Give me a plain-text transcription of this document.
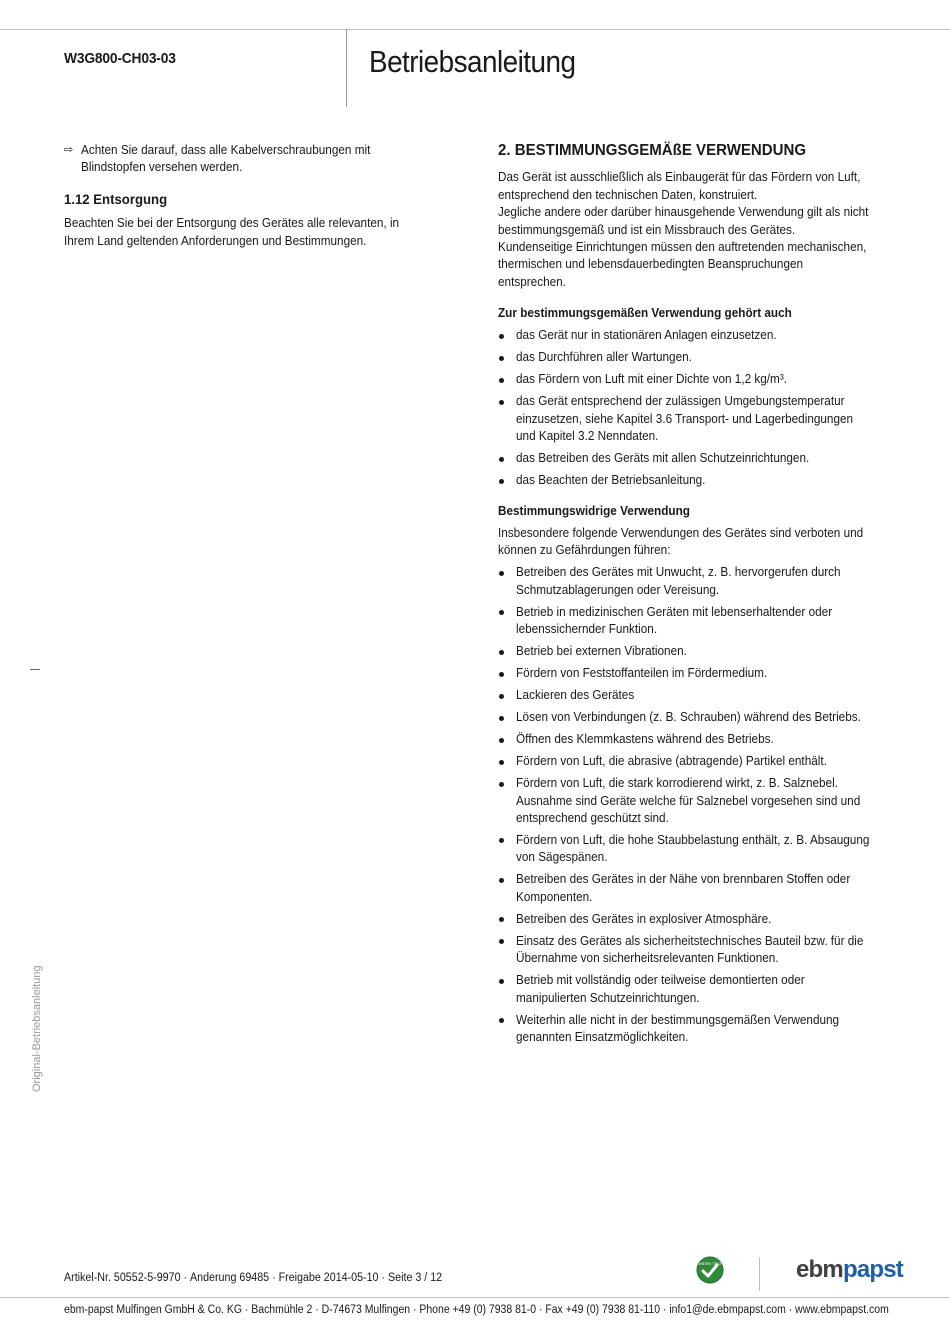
W3G800-CH03-03	Betriebsanleitung
⇨ Achten Sie darauf, dass alle Kabelverschraubungen mit Blindstopfen versehen werden.

1.12 Entsorgung

Beachten Sie bei der Entsorgung des Gerätes alle relevanten, in Ihrem Land geltenden Anforderungen und Bestimmungen.

2. BESTIMMUNGSGEMÄßE VERWENDUNG

Das Gerät ist ausschließlich als Einbaugerät für das Fördern von Luft, entsprechend den technischen Daten, konstruiert.

Jegliche andere oder darüber hinausgehende Verwendung gilt als nicht bestimmungsgemäß und ist ein Missbrauch des Gerätes.

Kundenseitige Einrichtungen müssen den auftretenden mechanischen, thermischen und lebensdauerbedingten Beanspruchungen entsprechen.

Zur bestimmungsgemäßen Verwendung gehört auch

das Gerät nur in stationären Anlagen einzusetzen.
das Durchführen aller Wartungen.
das Fördern von Luft mit einer Dichte von 1,2 kg/m³.
das Gerät entsprechend der zulässigen Umgebungstemperatur einzusetzen, siehe Kapitel 3.6 Transport- und Lagerbedingungen und Kapitel 3.2 Nenndaten.
das Betreiben des Geräts mit allen Schutzeinrichtungen.
das Beachten der Betriebsanleitung.

Bestimmungswidrige Verwendung

Insbesondere folgende Verwendungen des Gerätes sind verboten und können zu Gefährdungen führen:

Betreiben des Gerätes mit Unwucht, z. B. hervorgerufen durch Schmutzablagerungen oder Vereisung.
Betrieb in medizinischen Geräten mit lebenserhaltender oder lebenssichernder Funktion.
Betrieb bei externen Vibrationen.
Fördern von Feststoffanteilen im Fördermedium.
Lackieren des Gerätes
Lösen von Verbindungen (z. B. Schrauben) während des Betriebs.
Öffnen des Klemmkastens während des Betriebs.
Fördern von Luft, die abrasive (abtragende) Partikel enthält.
Fördern von Luft, die stark korrodierend wirkt, z. B. Salznebel. Ausnahme sind Geräte welche für Salznebel vorgesehen sind und entsprechend geschützt sind.
Fördern von Luft, die hohe Staubbelastung enthält, z. B. Absaugung von Sägespänen.
Betreiben des Gerätes in der Nähe von brennbaren Stoffen oder Komponenten.
Betreiben des Gerätes in explosiver Atmosphäre.
Einsatz des Gerätes als sicherheitstechnisches Bauteil bzw. für die Übernahme von sicherheitsrelevanten Funktionen.
Betrieb mit vollständig oder teilweise demontierten oder manipulierten Schutzeinrichtungen.
Weiterhin alle nicht in der bestimmungsgemäßen Verwendung genannten Einsatzmöglichkeiten.
Original-Betriebsanleitung
Artikel-Nr. 50552-5-9970 · Änderung 69485 · Freigabe 2014-05-10 · Seite 3 / 12
GREEN TECH	ebmpapst
ebm-papst Mulfingen GmbH & Co. KG · Bachmühle 2 · D-74673 Mulfingen · Phone +49 (0) 7938 81-0 · Fax +49 (0) 7938 81-110 · info1@de.ebmpapst.com · www.ebmpapst.com
